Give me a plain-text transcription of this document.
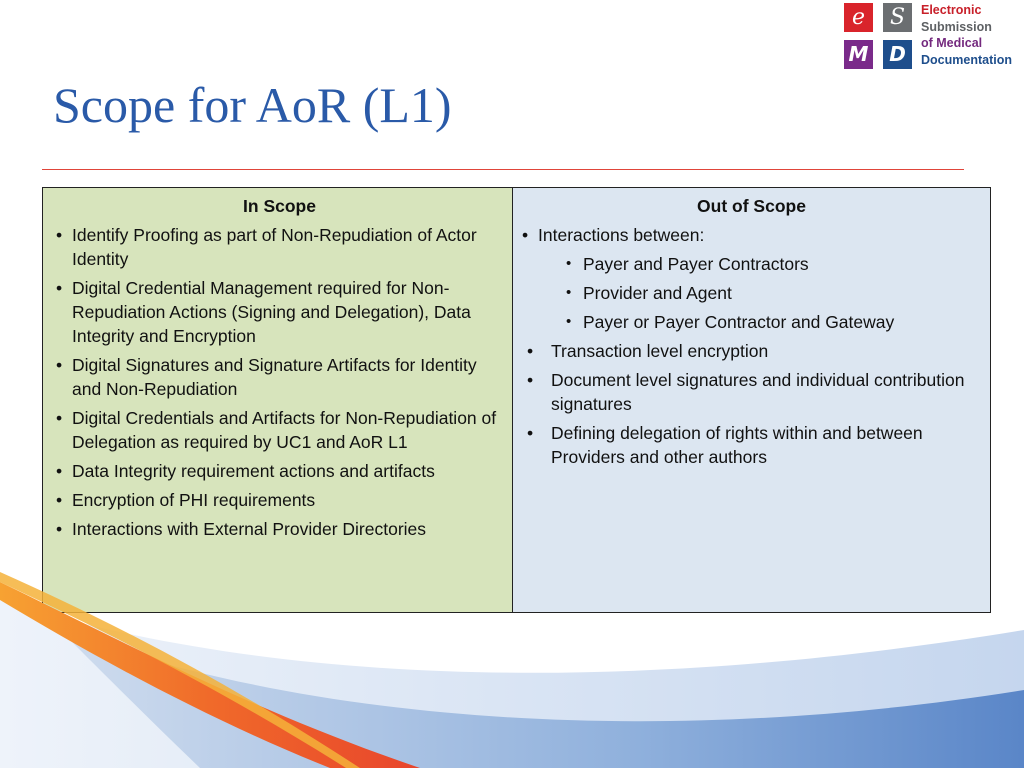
Scope for AoR (L1)
e	S
M	D
Electronic
Submission
of Medical
Documentation
In Scope
• Identify Proofing as part of Non-Repudiation of Actor Identity
• Digital Credential Management required for Non-Repudiation Actions (Signing and Delegation), Data Integrity and Encryption
• Digital Signatures and Signature Artifacts for Identity and Non-Repudiation
• Digital Credentials and Artifacts for Non-Repudiation of Delegation as required by UC1 and AoR L1
• Data Integrity requirement actions and artifacts
• Encryption of PHI requirements
• Interactions with External Provider Directories
Out of Scope
• Interactions between:
• Payer and Payer Contractors
• Provider and Agent
• Payer or Payer Contractor and Gateway
• Transaction level encryption
• Document level signatures and individual contribution signatures
• Defining delegation of rights within and between Providers and other authors
